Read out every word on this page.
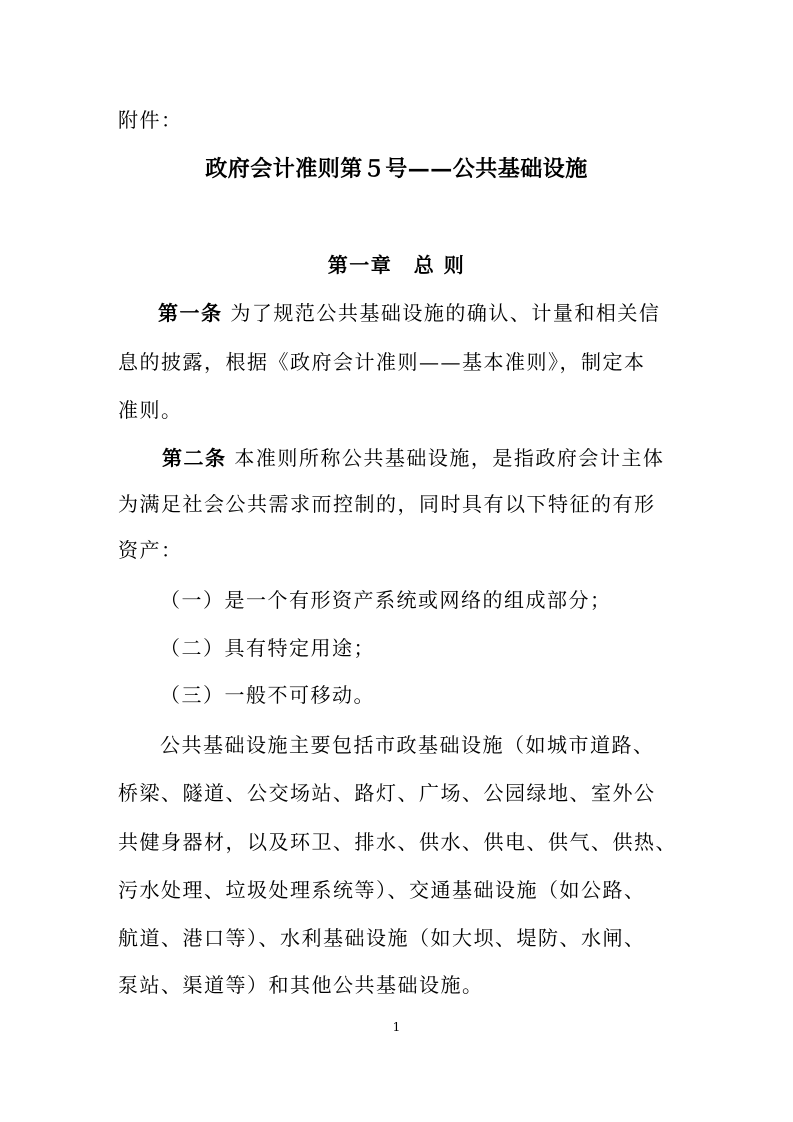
附件：
政府会计准则第５号——公共基础设施
第一章　总 则
第一条 为了规范公共基础设施的确认、计量和相关信
息的披露，根据《政府会计准则——基本准则》，制定本
准则。
第二条 本准则所称公共基础设施，是指政府会计主体
为满足社会公共需求而控制的，同时具有以下特征的有形
资产：
（一）是一个有形资产系统或网络的组成部分；
（二）具有特定用途；
（三）一般不可移动。
公共基础设施主要包括市政基础设施（如城市道路、
桥梁、隧道、公交场站、路灯、广场、公园绿地、室外公
共健身器材，以及环卫、排水、供水、供电、供气、供热、
污水处理、垃圾处理系统等）、交通基础设施（如公路、
航道、港口等）、水利基础设施（如大坝、堤防、水闸、
泵站、渠道等）和其他公共基础设施。
1
